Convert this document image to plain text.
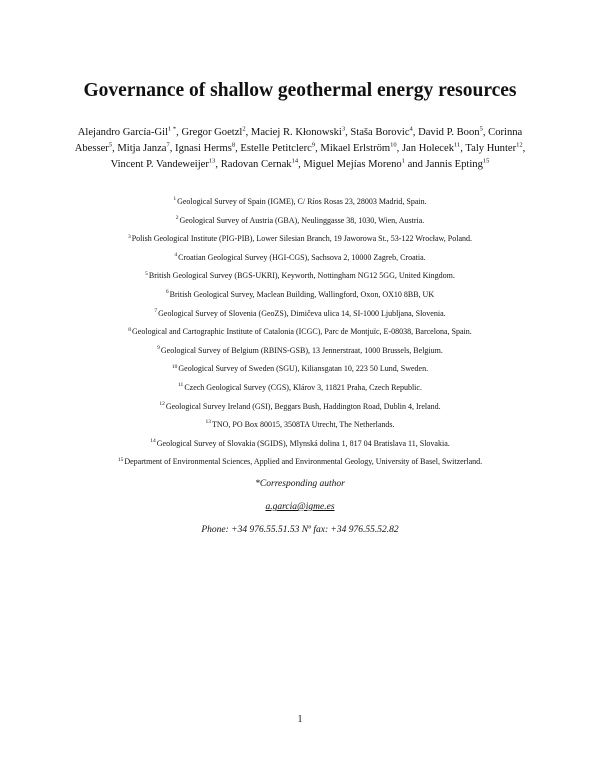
Governance of shallow geothermal energy resources

Alejandro García-Gil$^{1 *}$, Gregor Goetzl$^2$, Maciej R. Kłonowski$^3$, Staša Borovic$^4$, David P. Boon$^5$, Corinna Abesser$^5$, Mitja Janza$^7$, Ignasi Herms$^8$, Estelle Petitclerc$^9$, Mikael Erlström$^{10}$, Jan Holecek$^{11}$, Taly Hunter$^{12}$, Vincent P. Vandeweijer$^{13}$, Radovan Cernak$^{14}$, Miguel Mejías Moreno$^1$ and Jannis Epting$^{15}$

$^1$Geological Survey of Spain (IGME), C/ Ríos Rosas 23, 28003 Madrid, Spain.
$^2$Geological Survey of Austria (GBA), Neulinggasse 38, 1030, Wien, Austria.
$^3$Polish Geological Institute (PIG-PIB), Lower Silesian Branch, 19 Jaworowa St., 53-122 Wrocław, Poland.
$^4$Croatian Geological Survey (HGI-CGS), Sachsova 2, 10000 Zagreb, Croatia.
$^5$British Geological Survey (BGS-UKRI), Keyworth, Nottingham NG12 5GG, United Kingdom.
$^6$British Geological Survey, Maclean Building, Wallingford, Oxon, OX10 8BB, UK
$^7$Geological Survey of Slovenia (GeoZS), Dimičeva ulica 14, SI-1000 Ljubljana, Slovenia.
$^8$Geological and Cartographic Institute of Catalonia (ICGC), Parc de Montjuïc, E-08038, Barcelona, Spain.
$^9$Geological Survey of Belgium (RBINS-GSB), 13 Jennerstraat, 1000 Brussels, Belgium.
$^{10}$Geological Survey of Sweden (SGU), Kiliansgatan 10, 223 50 Lund, Sweden.
$^{11}$Czech Geological Survey (CGS), Klárov 3, 11821 Praha, Czech Republic.
$^{12}$Geological Survey Ireland (GSI), Beggars Bush, Haddington Road, Dublin 4, Ireland.
$^{13}$TNO, PO Box 80015, 3508TA Utrecht, The Netherlands.
$^{14}$Geological Survey of Slovakia (SGIDS), Mlynská dolina 1, 817 04 Bratislava 11, Slovakia.
$^{15}$Department of Environmental Sciences, Applied and Environmental Geology, University of Basel, Switzerland.

*Corresponding author

a.garcia@igme.es

Phone: +34 976.55.51.53 Nº fax: +34 976.55.52.82

1
